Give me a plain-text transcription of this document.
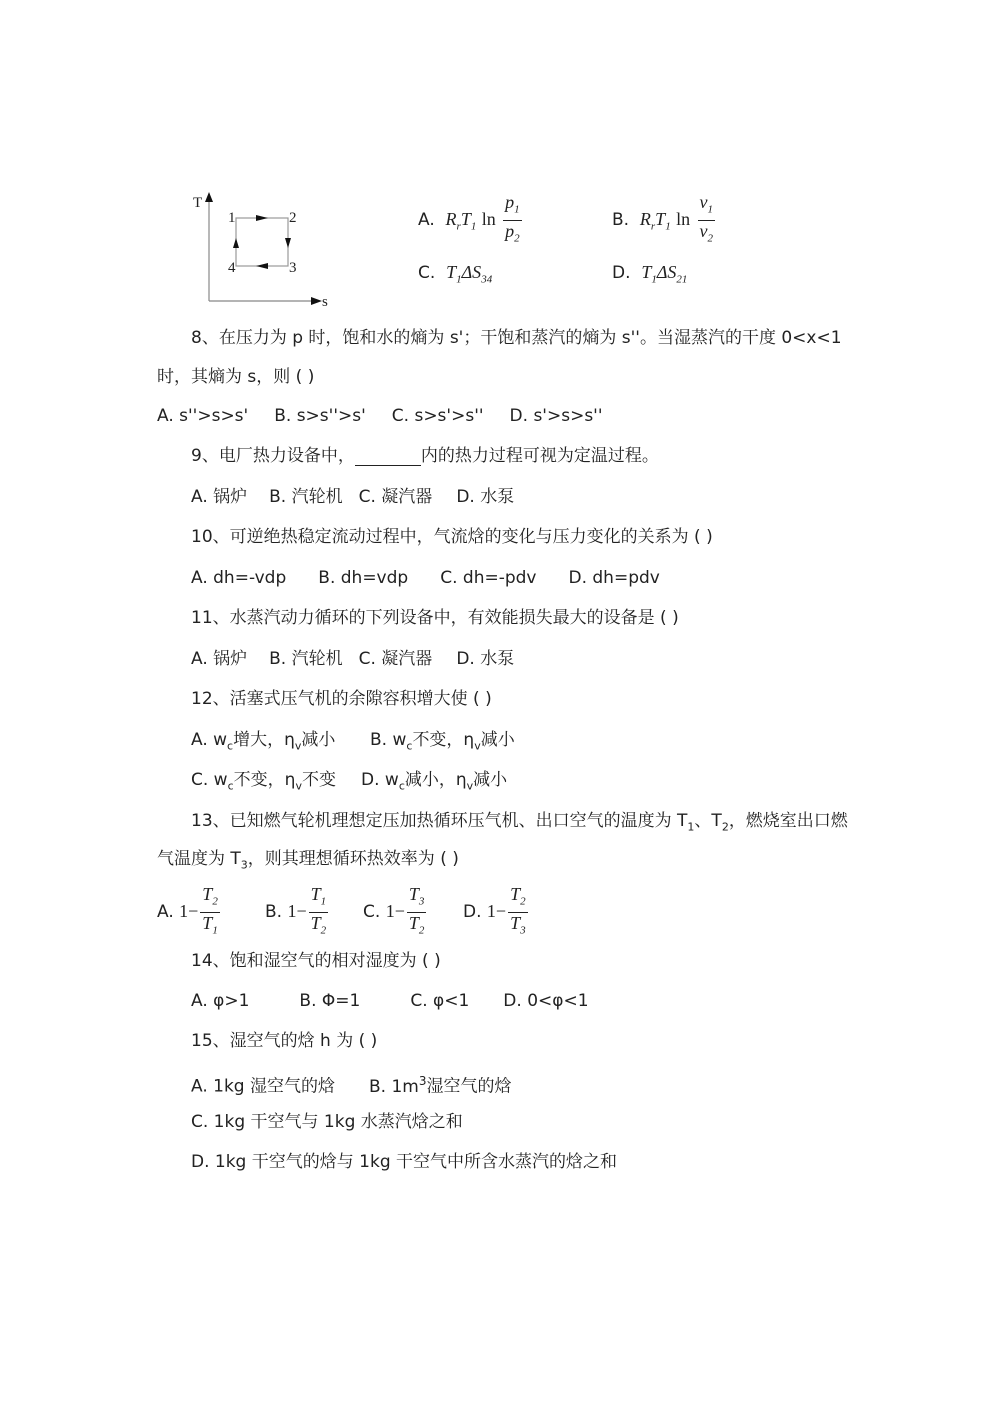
T
s
1	2
3
4
A. $R_rT_1$ $\ln \frac{p_1}{p_2}$	B. $R_rT_1$ $\ln \frac{v_1}{v_2}$
C. $T_1\Delta S_{34}$	D. $T_1\Delta S_{21}$
8、在压力为 p 时，饱和水的熵为 s'；干饱和蒸汽的熵为 s''。当湿蒸汽的干度 0<x<1
时，其熵为 s，则 ( )
A. s''>s>s' B. s>s''>s' C. s>s'>s'' D. s'>s>s''
9、电厂热力设备中，	内的热力过程可视为定温过程。
A. 锅炉 B. 汽轮机 C. 凝汽器 D. 水泵
10、可逆绝热稳定流动过程中，气流焓的变化与压力变化的关系为 ( )
A. dh=-vdp B. dh=vdp C. dh=-pdv D. dh=pdv
11、水蒸汽动力循环的下列设备中，有效能损失最大的设备是 ( )
A. 锅炉 B. 汽轮机 C. 凝汽器 D. 水泵
12、活塞式压气机的余隙容积增大使 ( )
A. $w_c$增大，$\eta_v$减小 B. $w_c$不变，$\eta_v$减小
C. $w_c$不变，$\eta_v$不变 D. $w_c$减小，$\eta_v$减小
13、已知燃气轮机理想定压加热循环压气机、出口空气的温度为 $T_1$、$T_2$，燃烧室出口燃
气温度为 $T_3$，则其理想循环热效率为 ( )
A. $1- \frac{T_2}{T_1}$	B. $1- \frac{T_1}{T_2} C$. $1- \frac{T_3}{T_2} D$. $1- \frac{T_2}{T_3}$
14、饱和湿空气的相对湿度为 ( )
A. φ>1	B. Φ=1	C. φ<1 D. 0<φ<1
15、湿空气的焓 h 为 ( )
A. 1kg 湿空气的焓 B. $1m^3$湿空气的焓
C. 1kg 干空气与 1kg 水蒸汽焓之和
D. 1kg 干空气的焓与 1kg 干空气中所含水蒸汽的焓之和
